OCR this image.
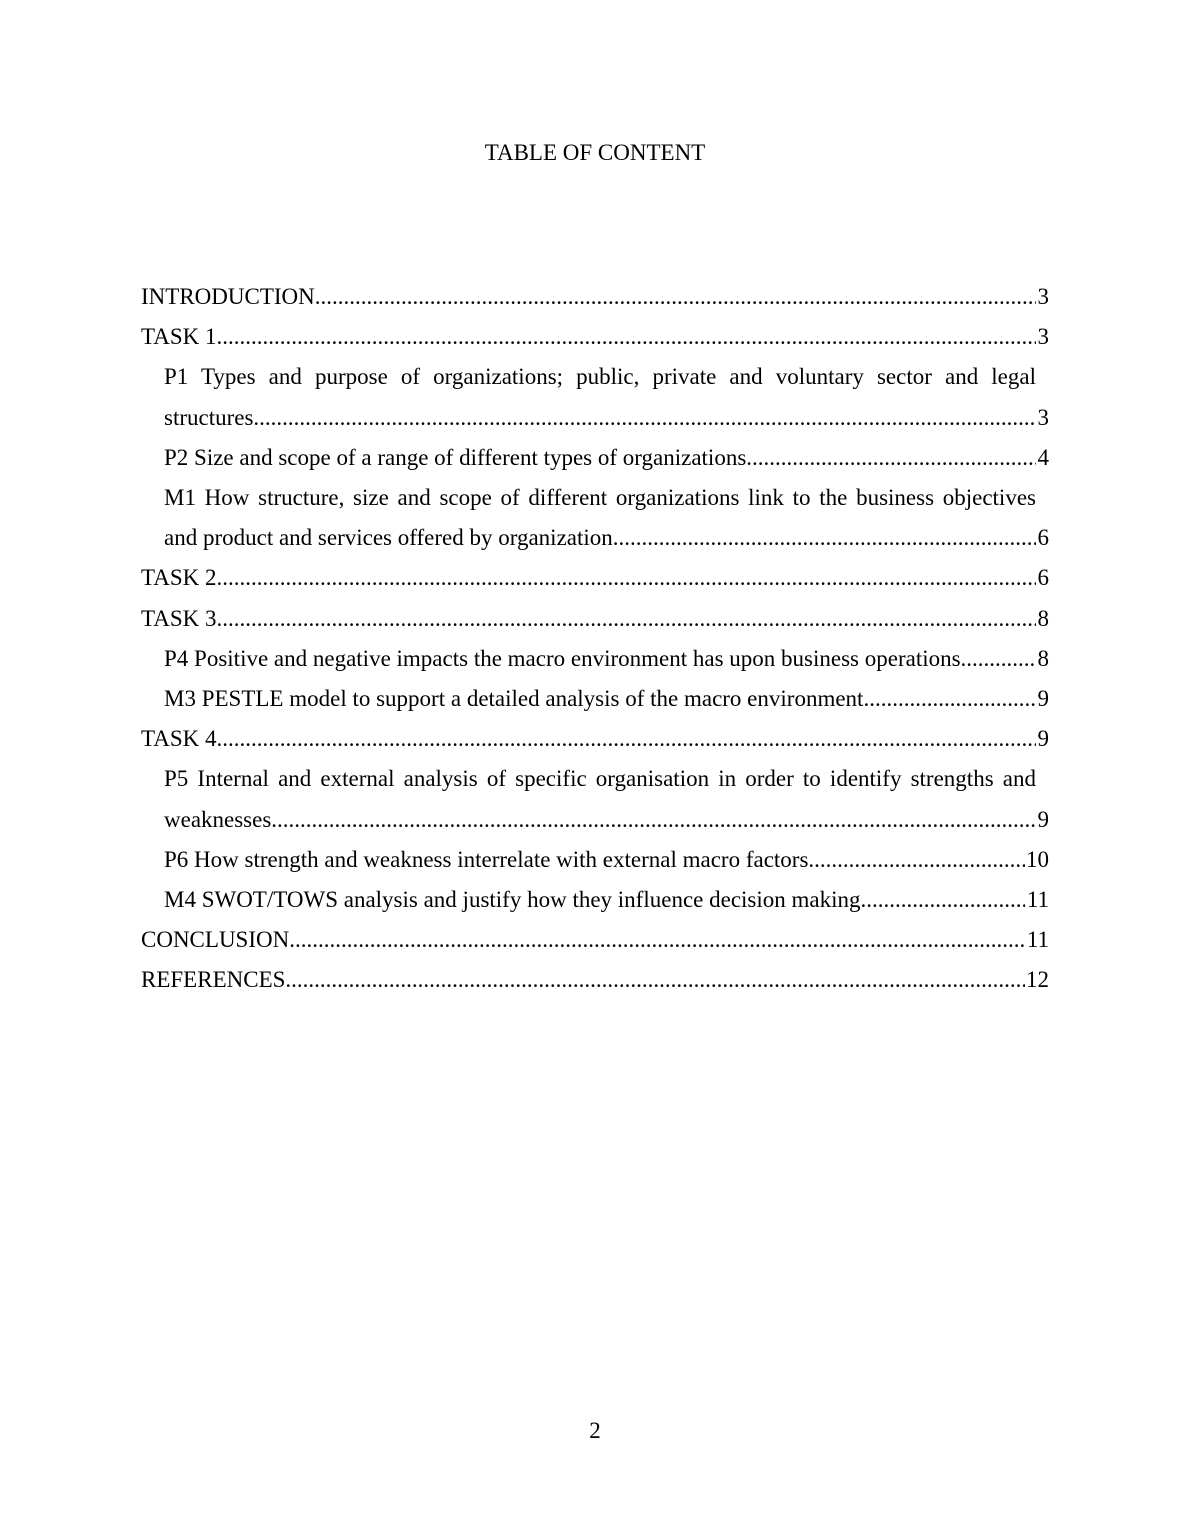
TABLE OF CONTENT
INTRODUCTION .....	3
TASK 1 .....	3
P1 Types and purpose of organizations; public, private and voluntary sector and legal structures .....	3
P2 Size and scope of a range of different types of organizations .....	4
M1 How structure, size and scope of different organizations link to the business objectives and product and services offered by organization .....	6
TASK 2 .....	6
TASK 3 .....	8
P4 Positive and negative impacts the macro environment has upon business operations .....	8
M3 PESTLE model to support a detailed analysis of the macro environment .....	9
TASK 4 .....	9
P5 Internal and external analysis of specific organisation in order to identify strengths and weaknesses .....	9
P6 How strength and weakness interrelate with external macro factors .....	10
M4 SWOT/TOWS analysis and justify how they influence decision making .....	11
CONCLUSION .....	11
REFERENCES .....	12
2
